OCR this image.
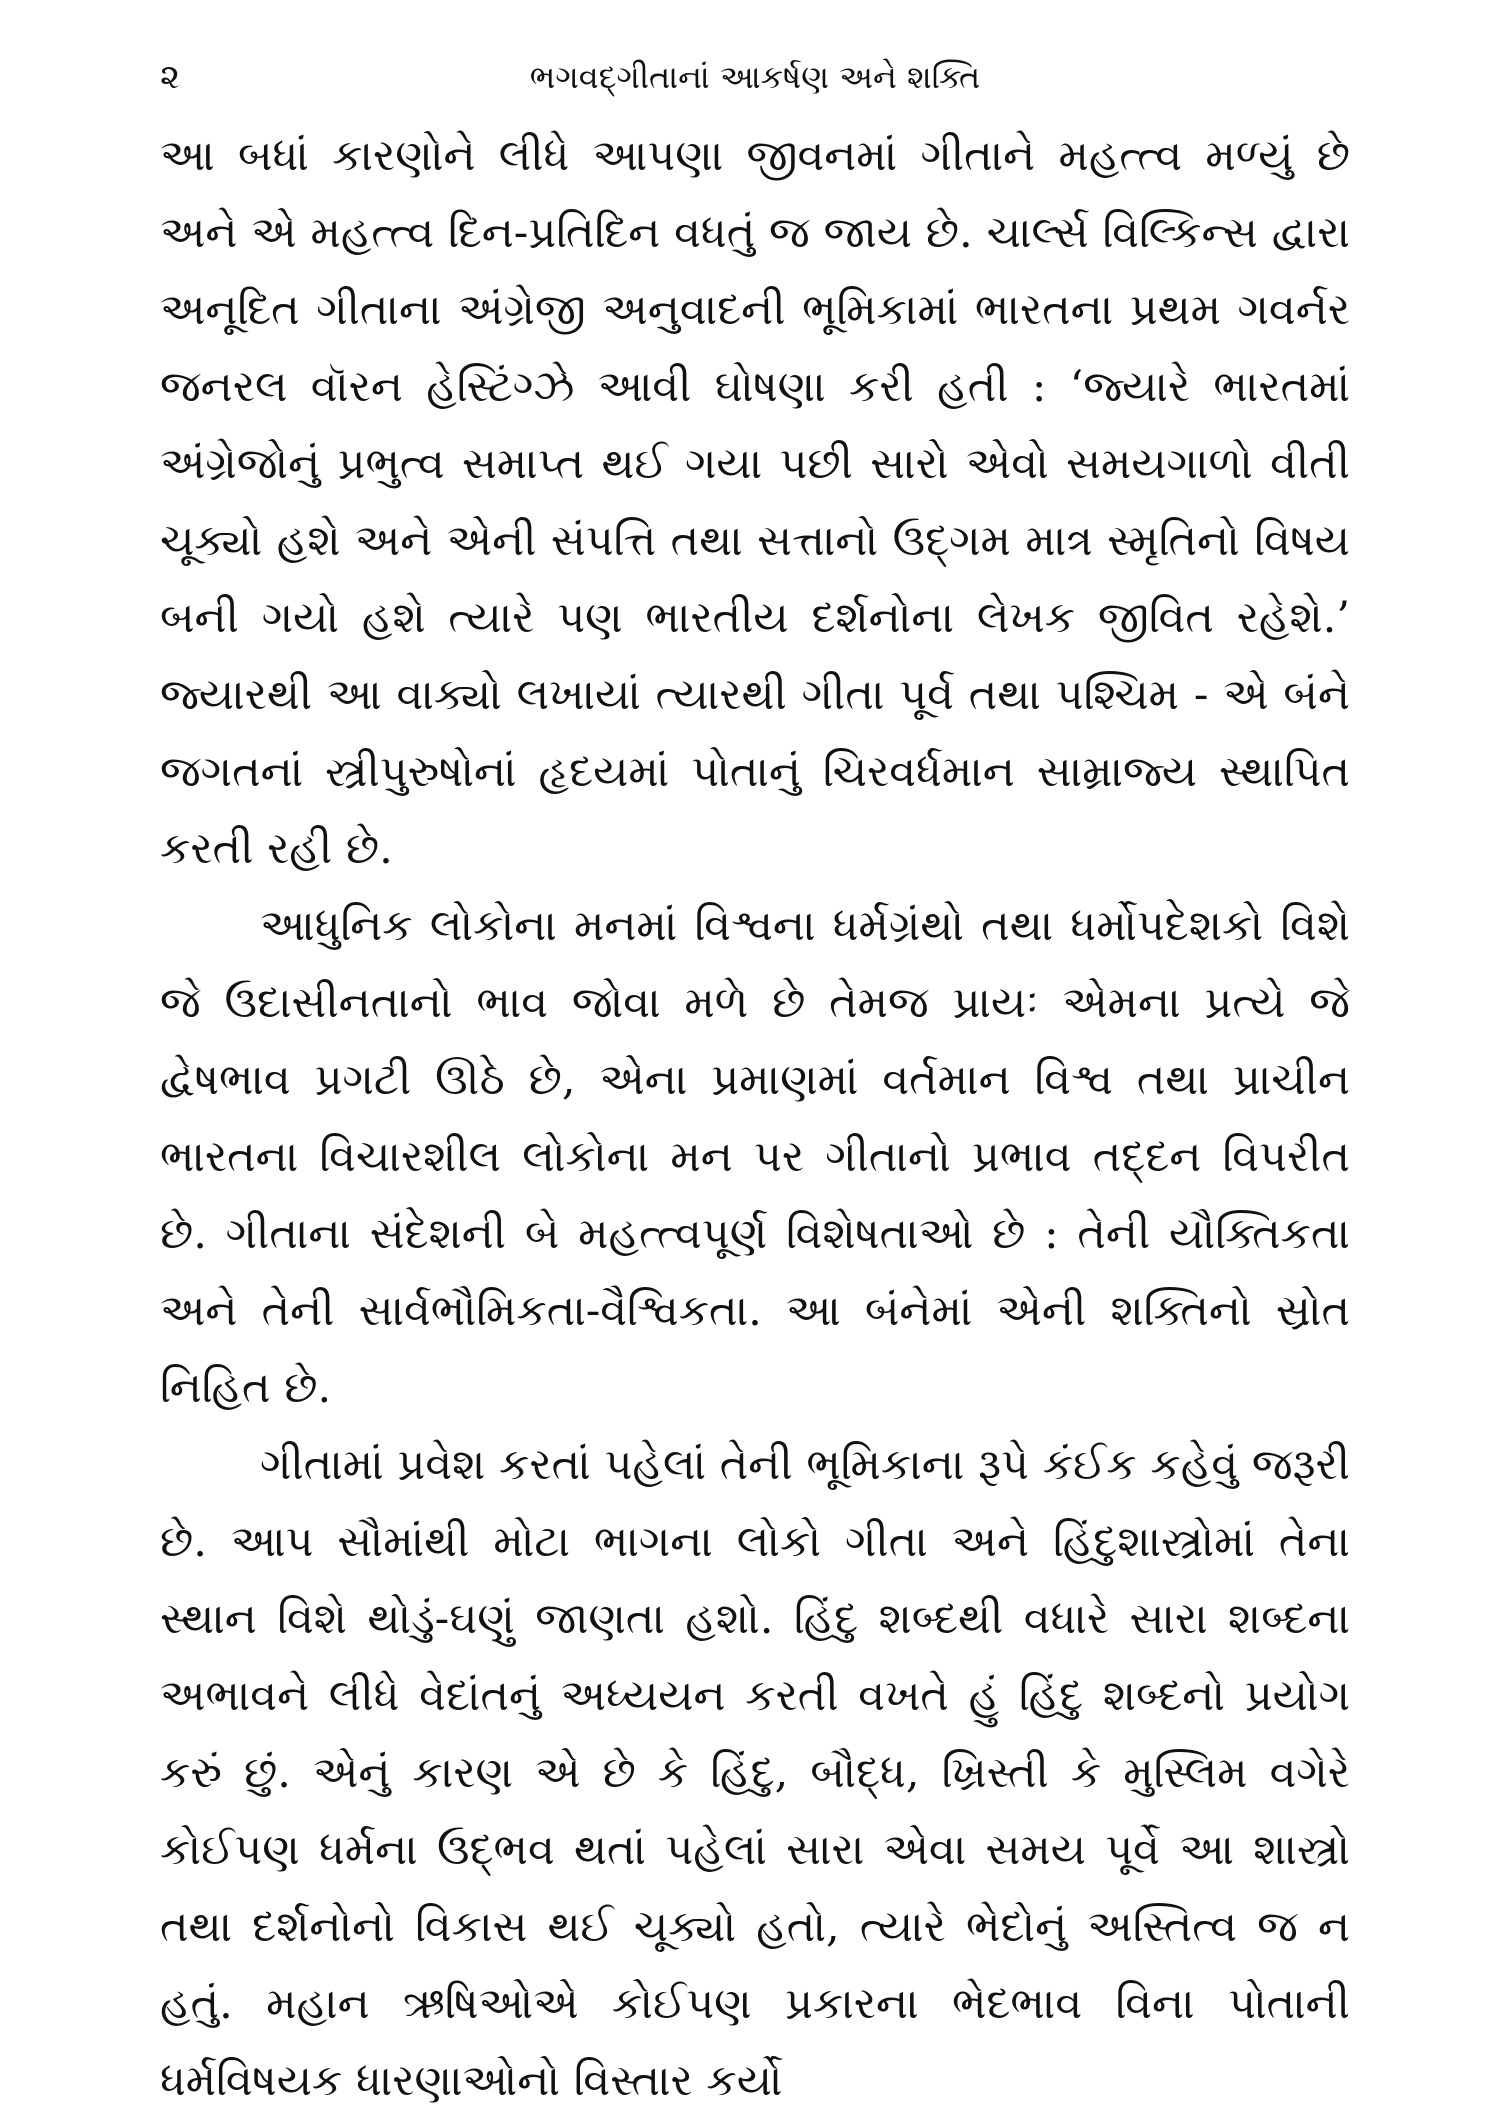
૨	ભગવદ્ગીતાનાં આકર્ષણ અને શક્તિ

આ બધાં કારણોને લીધે આપણા જીવનમાં ગીતાને મહત્ત્વ મળ્યું છે અને એ મહત્ત્વ દિન-પ્રતિદિન વધતું જ જાય છે. ચાર્લ્સ વિલ્કિન્સ દ્વારા અનૂદિત ગીતાના અંગ્રેજી અનુવાદની ભૂમિકામાં ભારતના પ્રથમ ગવર્નર જનરલ વૉરન હેસ્ટિંગ્ઝે આવી ઘોષણા કરી હતી : ‘જ્યારે ભારતમાં અંગ્રેજોનું પ્રભુત્વ સમાપ્ત થઈ ગયા પછી સારો એવો સમયગાળો વીતી ચૂક્યો હશે અને એની સંપત્તિ તથા સત્તાનો ઉદ્ગમ માત્ર સ્મૃતિનો વિષય બની ગયો હશે ત્યારે પણ ભારતીય દર્શનોના લેખક જીવિત રહેશે.’ જ્યારથી આ વાક્યો લખાયાં ત્યારથી ગીતા પૂર્વ તથા પશ્ચિમ - એ બંને જગતનાં સ્ત્રીપુરુષોનાં હૃદયમાં પોતાનું ચિરવર્ધમાન સામ્રાજ્ય સ્થાપિત કરતી રહી છે.

આધુનિક લોકોના મનમાં વિશ્વના ધર્મગ્રંથો તથા ધર્મોપદેશકો વિશે જે ઉદાસીનતાનો ભાવ જોવા મળે છે તેમજ પ્રાયઃ એમના પ્રત્યે જે દ્વેષભાવ પ્રગટી ઊઠે છે, એના પ્રમાણમાં વર્તમાન વિશ્વ તથા પ્રાચીન ભારતના વિચારશીલ લોકોના મન પર ગીતાનો પ્રભાવ તદ્દન વિપરીત છે. ગીતાના સંદેશની બે મહત્ત્વપૂર્ણ વિશેષતાઓ છે : તેની યૌક્તિકતા અને તેની સાર્વભૌમિકતા-વૈશ્વિકતા. આ બંનેમાં એની શક્તિનો સ્રોત નિહિત છે.

ગીતામાં પ્રવેશ કરતાં પહેલાં તેની ભૂમિકાના રૂપે કંઈક કહેવું જરૂરી છે. આપ સૌમાંથી મોટા ભાગના લોકો ગીતા અને હિંદુશાસ્ત્રોમાં તેના સ્થાન વિશે થોડું-ઘણું જાણતા હશો. હિંદુ શબ્દથી વધારે સારા શબ્દના અભાવને લીધે વેદાંતનું અધ્યયન કરતી વખતે હું હિંદુ શબ્દનો પ્રયોગ કરું છું. એનું કારણ એ છે કે હિંદુ, બૌદ્ધ, ખ્રિસ્તી કે મુસ્લિમ વગેરે કોઈપણ ધર્મના ઉદ્ભવ થતાં પહેલાં સારા એવા સમય પૂર્વે આ શાસ્ત્રો તથા દર્શનોનો વિકાસ થઈ ચૂક્યો હતો, ત્યારે ભેદોનું અસ્તિત્વ જ ન હતું. મહાન ઋષિઓએ કોઈપણ પ્રકારના ભેદભાવ વિના પોતાની ધર્મવિષયક ધારણાઓનો વિસ્તાર કર્યો
